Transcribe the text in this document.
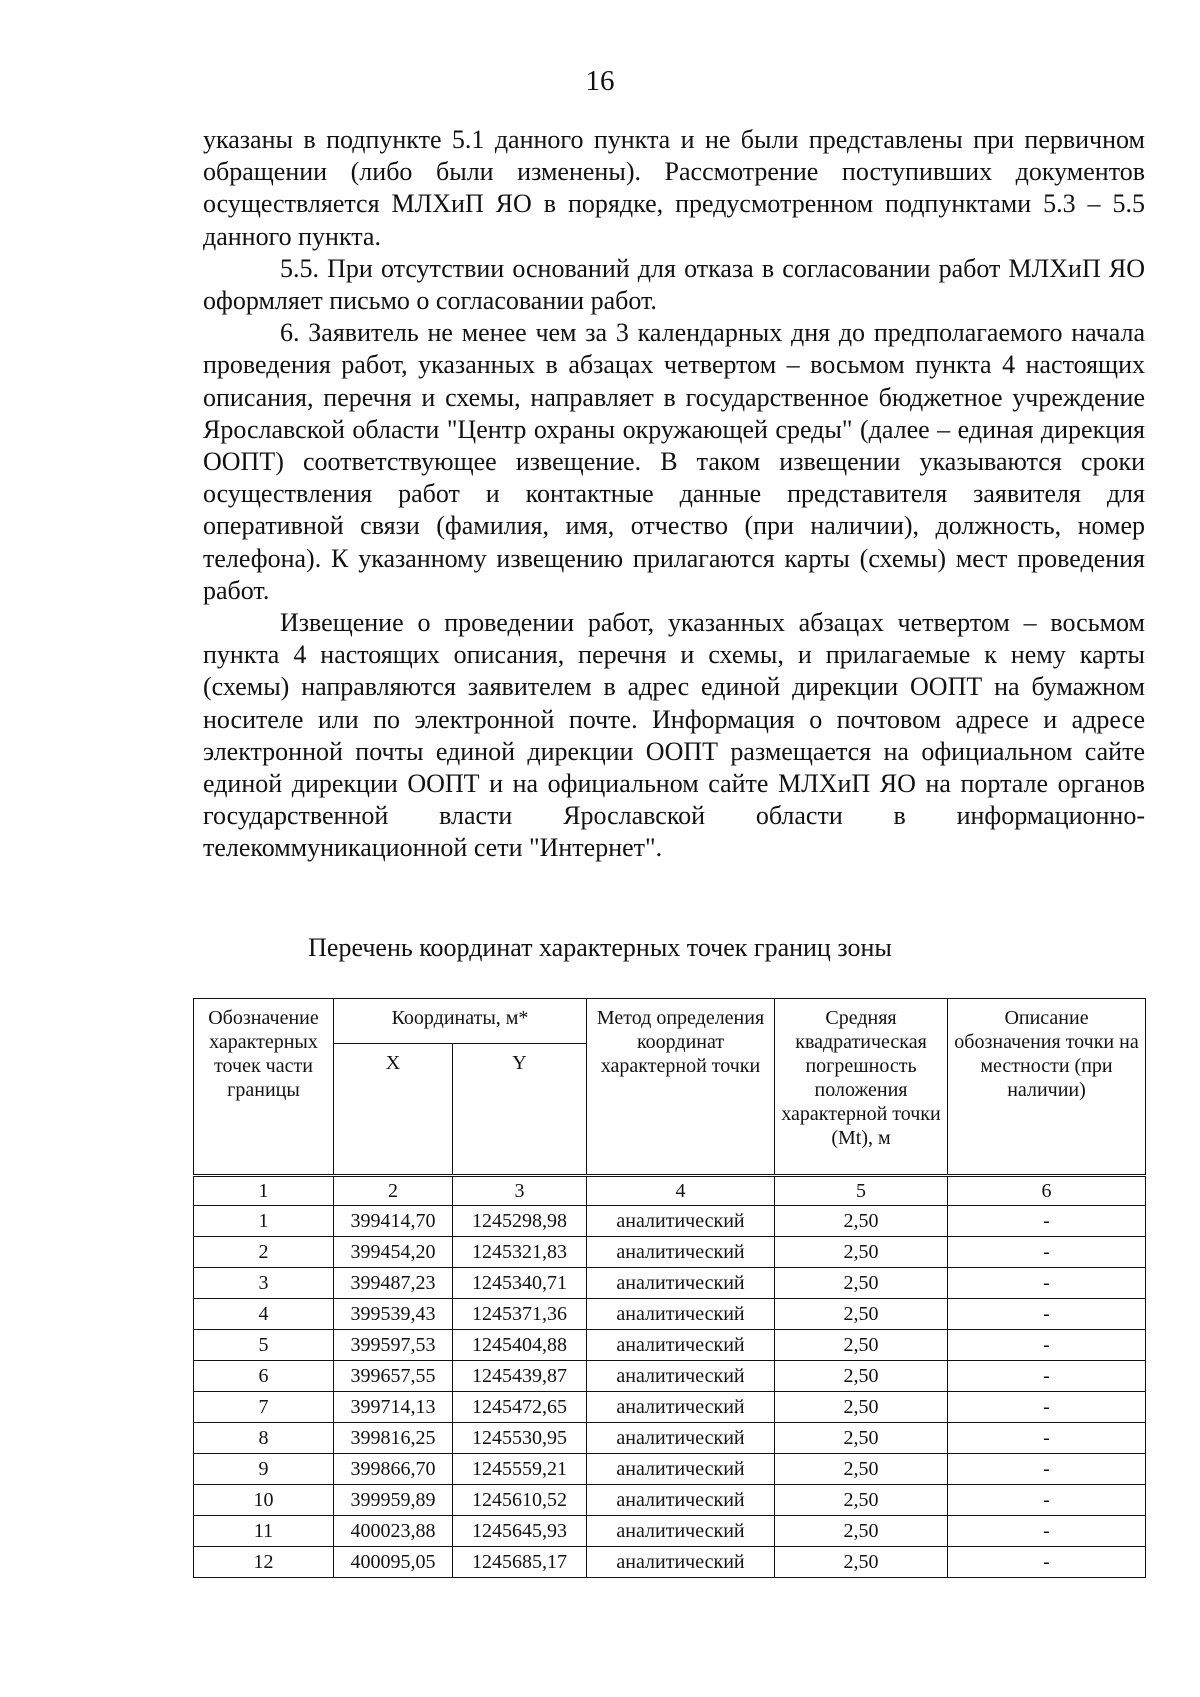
16

указаны в подпункте 5.1 данного пункта и не были представлены при первичном обращении (либо были изменены). Рассмотрение поступивших документов осуществляется МЛХиП ЯО в порядке, предусмотренном подпунктами 5.3 – 5.5 данного пункта.

5.5. При отсутствии оснований для отказа в согласовании работ МЛХиП ЯО оформляет письмо о согласовании работ.

6. Заявитель не менее чем за 3 календарных дня до предполагаемого начала проведения работ, указанных в абзацах четвертом – восьмом пункта 4 настоящих описания, перечня и схемы, направляет в государственное бюджетное учреждение Ярославской области "Центр охраны окружающей среды" (далее – единая дирекция ООПТ) соответствующее извещение. В таком извещении указываются сроки осуществления работ и контактные данные представителя заявителя для оперативной связи (фамилия, имя, отчество (при наличии), должность, номер телефона). К указанному извещению прилагаются карты (схемы) мест проведения работ.

Извещение о проведении работ, указанных абзацах четвертом – восьмом пункта 4 настоящих описания, перечня и схемы, и прилагаемые к нему карты (схемы) направляются заявителем в адрес единой дирекции ООПТ на бумажном носителе или по электронной почте. Информация о почтовом адресе и адресе электронной почты единой дирекции ООПТ размещается на официальном сайте единой дирекции ООПТ и на официальном сайте МЛХиП ЯО на портале органов государственной власти Ярославской области в информационно-телекоммуникационной сети "Интернет".

Перечень координат характерных точек границ зоны
Обозначение характерных точек части границы	Координаты, м*		Метод определения координат характерной точки	Средняя квадратическая погрешность положения характерной точки (Mt), м	Описание обозначения точки на местности (при наличии)
	X	Y			
1	2	3	4	5	6
1	399414,70	1245298,98	аналитический	2,50	-
2	399454,20	1245321,83	аналитический	2,50	-
3	399487,23	1245340,71	аналитический	2,50	-
4	399539,43	1245371,36	аналитический	2,50	-
5	399597,53	1245404,88	аналитический	2,50	-
6	399657,55	1245439,87	аналитический	2,50	-
7	399714,13	1245472,65	аналитический	2,50	-
8	399816,25	1245530,95	аналитический	2,50	-
9	399866,70	1245559,21	аналитический	2,50	-
10	399959,89	1245610,52	аналитический	2,50	-
11	400023,88	1245645,93	аналитический	2,50	-
12	400095,05	1245685,17	аналитический	2,50	-
